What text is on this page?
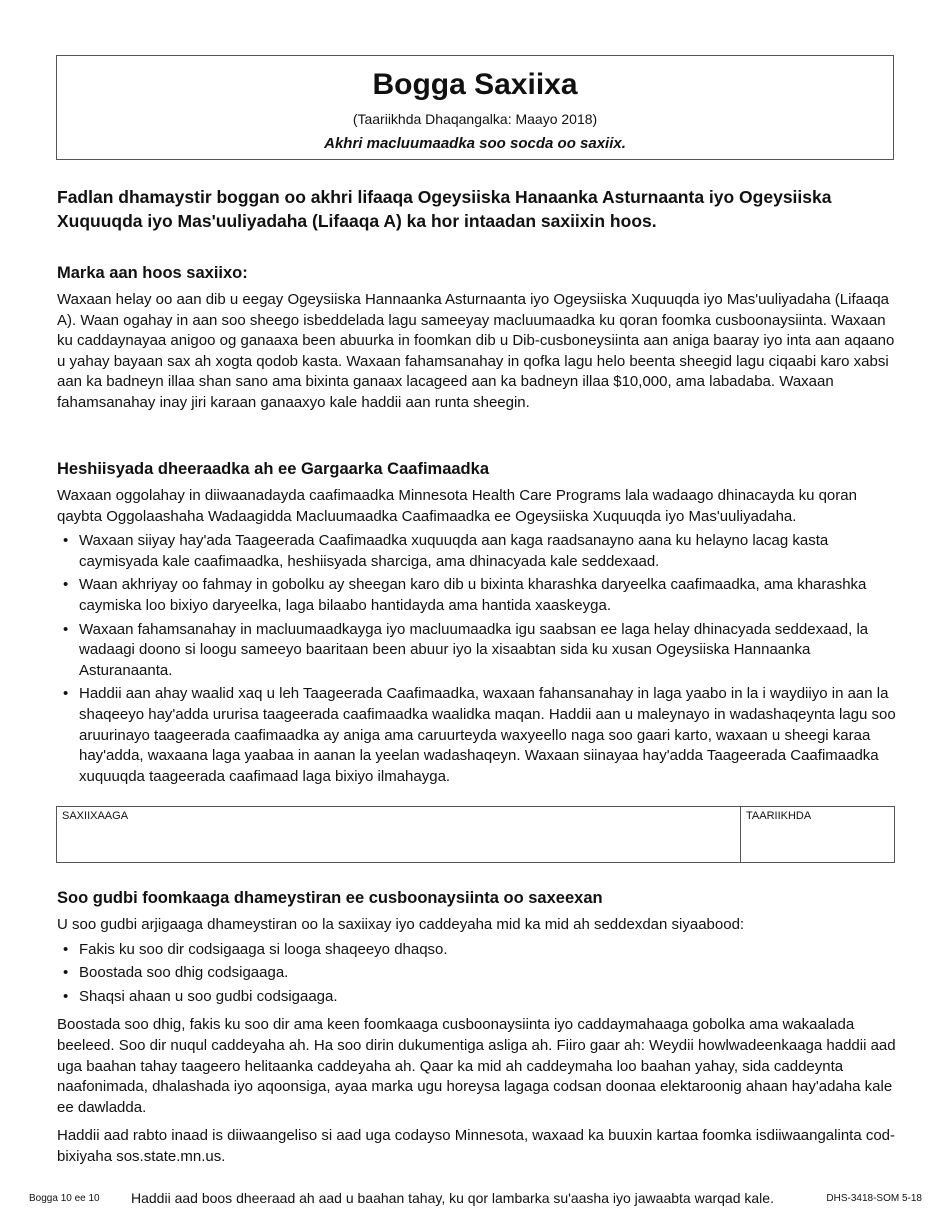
Bogga Saxiixa
(Taariikhda Dhaqangalka: Maayo 2018)
Akhri macluumaadka soo socda oo saxiix.

Fadlan dhamaystir boggan oo akhri lifaaqa Ogeysiiska Hanaanka Asturnaanta iyo Ogeysiiska Xuquuqda iyo Mas'uuliyadaha (Lifaaqa A) ka hor intaadan saxiixin hoos.

Marka aan hoos saxiixo:

Waxaan helay oo aan dib u eegay Ogeysiiska Hannaanka Asturnaanta iyo Ogeysiiska Xuquuqda iyo Mas'uuliyadaha (Lifaaqa A). Waan ogahay in aan soo sheego isbeddelada lagu sameeyay macluumaadka ku qoran foomka cusboonaysiinta. Waxaan ku caddaynayaa anigoo og ganaaxa been abuurka in foomkan dib u Dib-cusboneysiinta aan aniga baaray iyo inta aan aqaano u yahay bayaan sax ah xogta qodob kasta. Waxaan fahamsanahay in qofka lagu helo beenta sheegid lagu ciqaabi karo xabsi aan ka badneyn illaa shan sano ama bixinta ganaax lacageed aan ka badneyn illaa $10,000, ama labadaba. Waxaan fahamsanahay inay jiri karaan ganaaxyo kale haddii aan runta sheegin.

Heshiisyada dheeraadka ah ee Gargaarka Caafimaadka

Waxaan oggolahay in diiwaanadayda caafimaadka Minnesota Health Care Programs lala wadaago dhinacayda ku qoran qaybta Oggolaashaha Wadaagidda Macluumaadka Caafimaadka ee Ogeysiiska Xuquuqda iyo Mas'uuliyadaha.

• Waxaan siiyay hay'ada Taageerada Caafimaadka xuquuqda aan kaga raadsanayno aana ku helayno lacag kasta caymisyada kale caafimaadka, heshiisyada sharciga, ama dhinacyada kale seddexaad.
• Waan akhriyay oo fahmay in gobolku ay sheegan karo dib u bixinta kharashka daryeelka caafimaadka, ama kharashka caymiska loo bixiyo daryeelka, laga bilaabo hantidayda ama hantida xaaskeyga.
• Waxaan fahamsanahay in macluumaadkayga iyo macluumaadka igu saabsan ee laga helay dhinacyada seddexaad, la wadaagi doono si loogu sameeyo baaritaan been abuur iyo la xisaabtan sida ku xusan Ogeysiiska Hannaanka Asturanaanta.
• Haddii aan ahay waalid xaq u leh Taageerada Caafimaadka, waxaan fahansanahay in laga yaabo in la i waydiiyo in aan la shaqeeyo hay'adda ururisa taageerada caafimaadka waalidka maqan. Haddii aan u maleynayo in wadashaqeynta lagu soo aruurinayo taageerada caafimaadka ay aniga ama caruurteyda waxyeello naga soo gaari karto, waxaan u sheegi karaa hay'adda, waxaana laga yaabaa in aanan la yeelan wadashaqeyn. Waxaan siinayaa hay'adda Taageerada Caafimaadka xuquuqda taageerada caafimaad laga bixiyo ilmahayga.
SAXIIXAAGA	TAARIIKHDA
Soo gudbi foomkaaga dhameystiran ee cusboonaysiinta oo saxeexan

U soo gudbi arjigaaga dhameystiran oo la saxiixay iyo caddeyaha mid ka mid ah seddexdan siyaabood:

• Fakis ku soo dir codsigaaga si looga shaqeeyo dhaqso.
• Boostada soo dhig codsigaaga.
• Shaqsi ahaan u soo gudbi codsigaaga.

Boostada soo dhig, fakis ku soo dir ama keen foomkaaga cusboonaysiinta iyo caddaymahaaga gobolka ama wakaalada beeleed. Soo dir nuqul caddeyaha ah. Ha soo dirin dukumentiga asliga ah. Fiiro gaar ah: Weydii howlwadeenkaaga haddii aad uga baahan tahay taageero helitaanka caddeyaha ah. Qaar ka mid ah caddeymaha loo baahan yahay, sida caddeynta naafonimada, dhalashada iyo aqoonsiga, ayaa marka ugu horeysa lagaga codsan doonaa elektaroonig ahaan hay'adaha kale ee dawladda.

Haddii aad rabto inaad is diiwaangeliso si aad uga codayso Minnesota, waxaad ka buuxin kartaa foomka isdiiwaangalinta cod-bixiyaha sos.state.mn.us.

Bogga 10 ee 10 Haddii aad boos dheeraad ah aad u baahan tahay, ku qor lambarka su'aasha iyo jawaabta warqad kale.	DHS-3418-SOM 5-18
